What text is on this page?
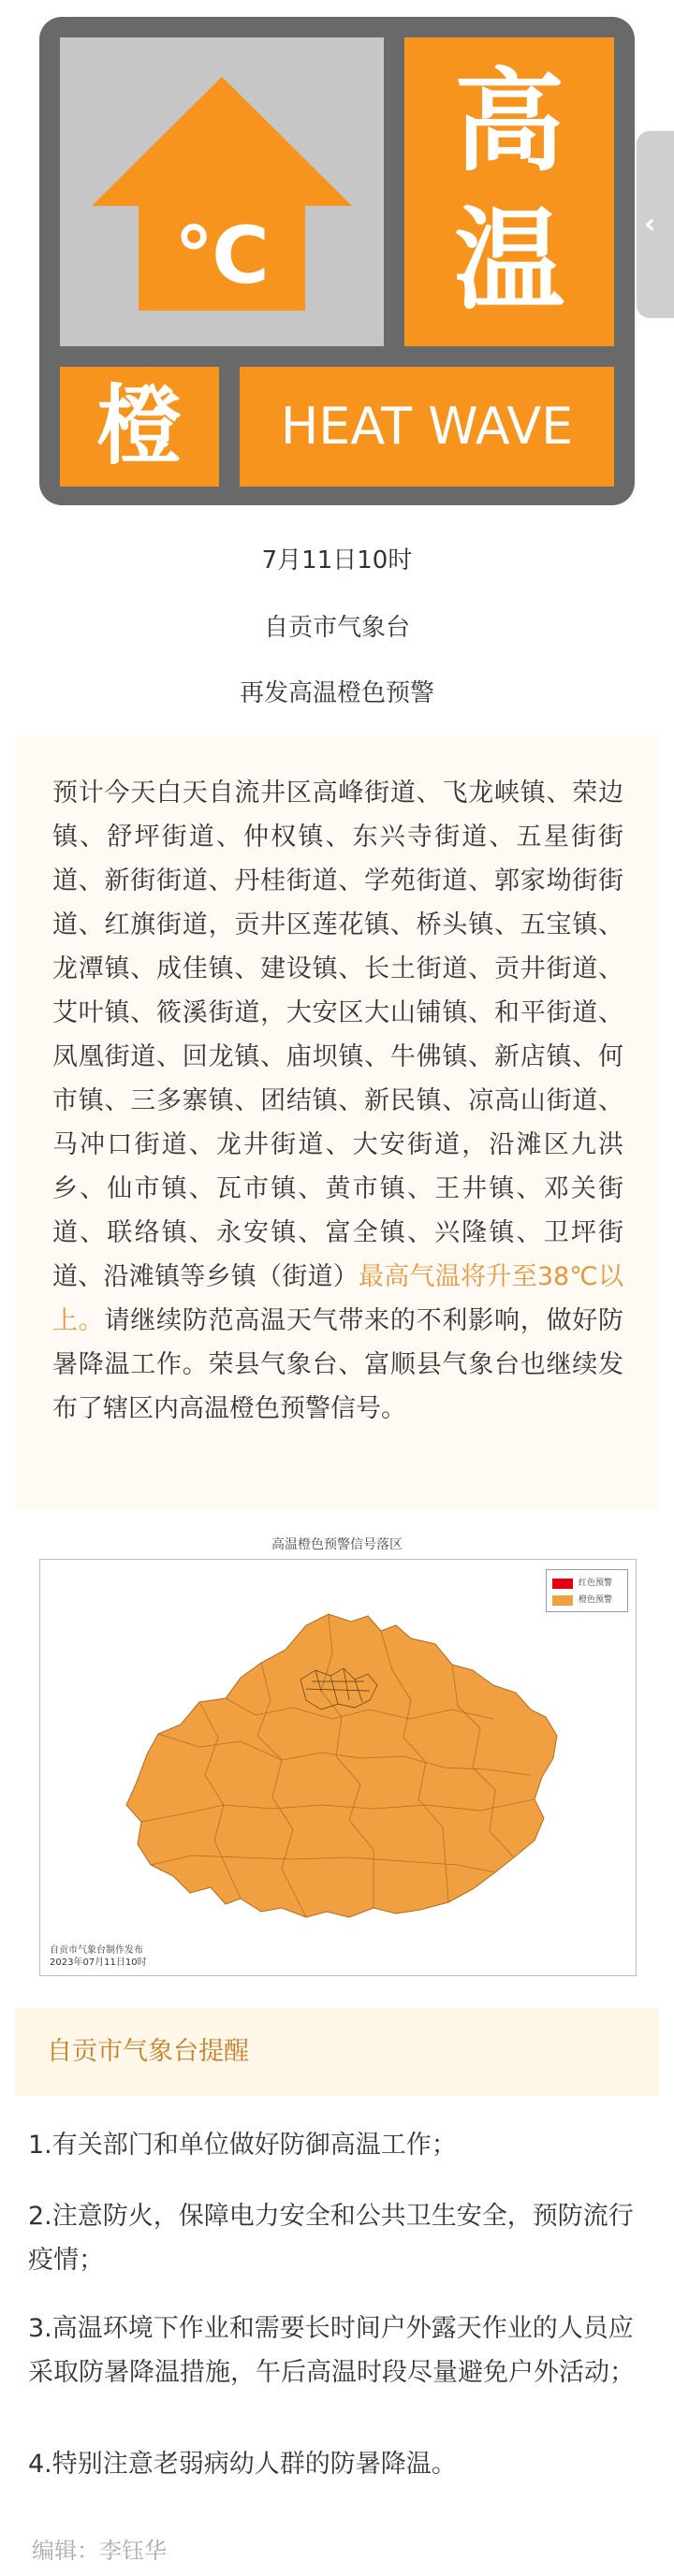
℃
高
温
橙	HEAT WAVE
‹
7月11日10时
自贡市气象台
再发高温橙色预警

预计今天白天自流井区高峰街道、飞龙峡镇、荣边镇、舒坪街道、仲权镇、东兴寺街道、五星街街道、新街街道、丹桂街道、学苑街道、郭家坳街街道、红旗街道，贡井区莲花镇、桥头镇、五宝镇、龙潭镇、成佳镇、建设镇、长土街道、贡井街道、艾叶镇、筱溪街道，大安区大山铺镇、和平街道、凤凰街道、回龙镇、庙坝镇、牛佛镇、新店镇、何市镇、三多寨镇、团结镇、新民镇、凉高山街道、马冲口街道、龙井街道、大安街道，沿滩区九洪乡、仙市镇、瓦市镇、黄市镇、王井镇、邓关街道、联络镇、永安镇、富全镇、兴隆镇、卫坪街道、沿滩镇等乡镇（街道）最高气温将升至38℃以上。请继续防范高温天气带来的不利影响，做好防暑降温工作。荣县气象台、富顺县气象台也继续发布了辖区内高温橙色预警信号。

高温橙色预警信号落区
红色预警
橙色预警
自贡市气象台制作发布
2023年07月11日10时
自贡市气象台提醒

1.有关部门和单位做好防御高温工作；

2.注意防火，保障电力安全和公共卫生安全，预防流行疫情；

3.高温环境下作业和需要长时间户外露天作业的人员应采取防暑降温措施，午后高温时段尽量避免户外活动；

4.特别注意老弱病幼人群的防暑降温。

编辑：李钰华
